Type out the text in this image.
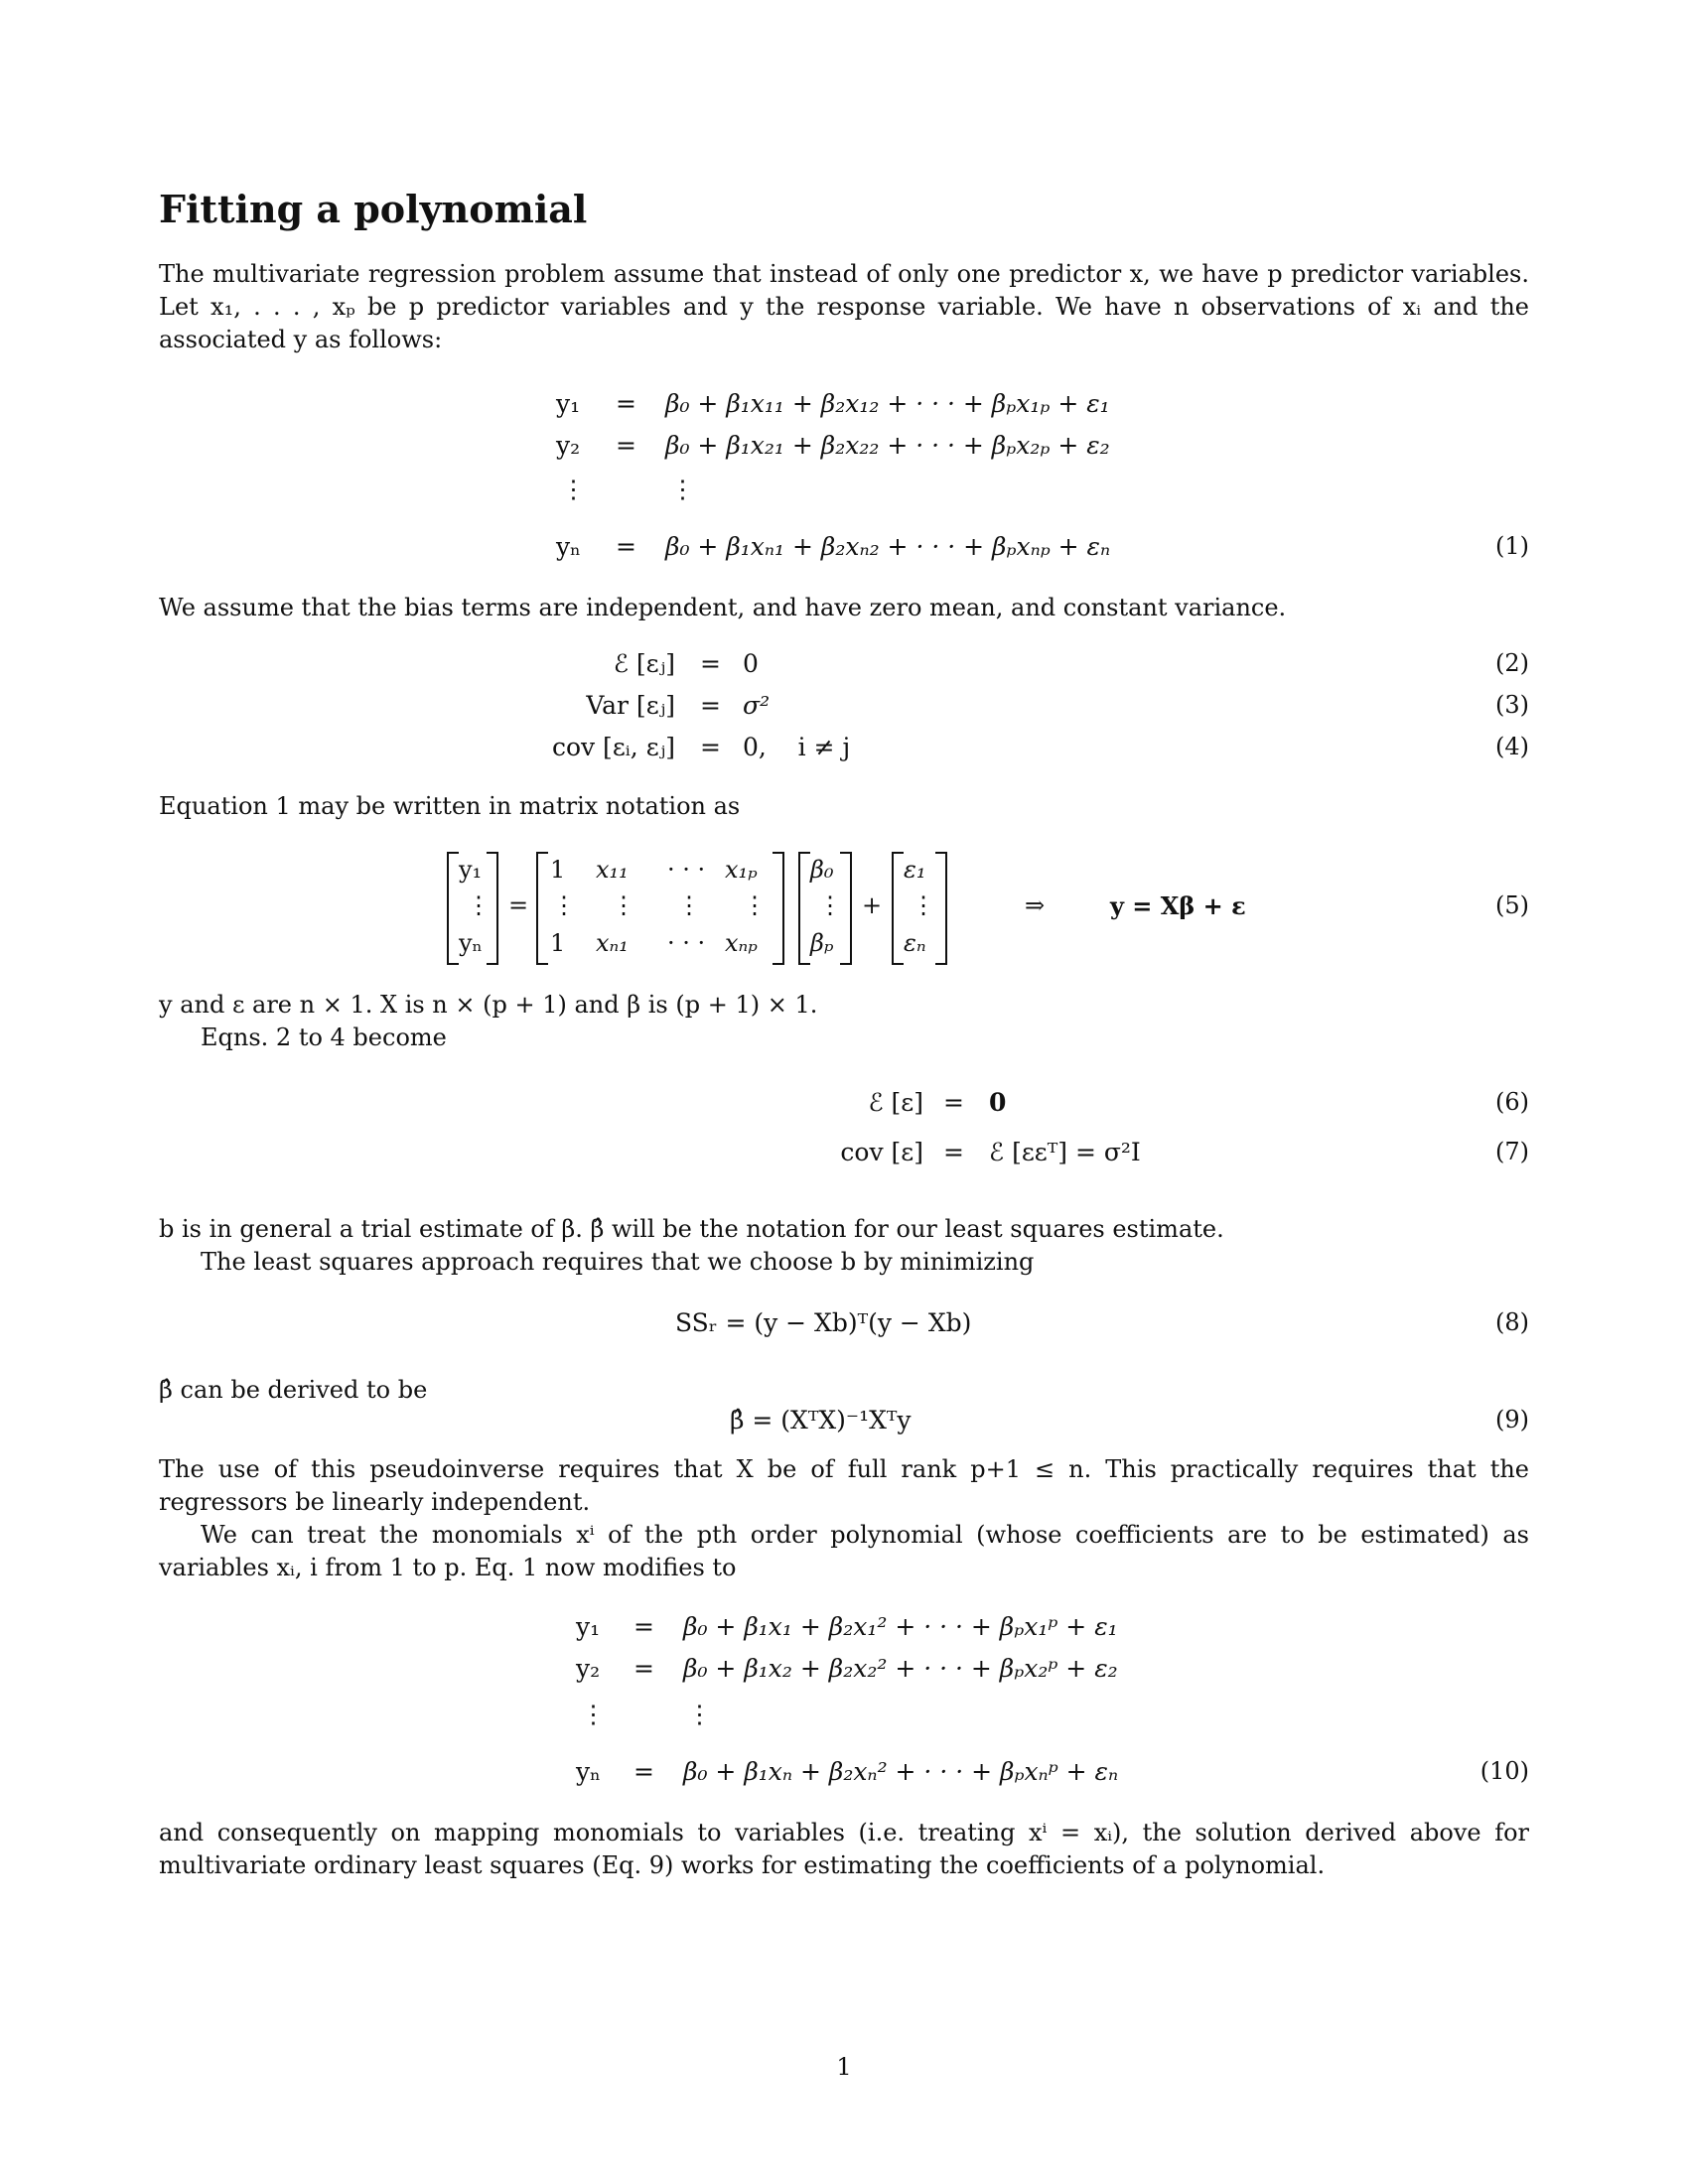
Fitting a polynomial

The multivariate regression problem assume that instead of only one predictor x, we have p predictor variables. Let x₁, . . . , xₚ be p predictor variables and y the response variable. We have n observations of xᵢ and the associated y as follows:

y₁ = β₀ + β₁x₁₁ + β₂x₁₂ + · · · + βₚx₁ₚ + ε₁
y₂ = β₀ + β₁x₂₁ + β₂x₂₂ + · · · + βₚx₂ₚ + ε₂
⋮	⋮
yₙ = β₀ + β₁xₙ₁ + β₂xₙ₂ + · · · + βₚxₙₚ + εₙ	(1)

We assume that the bias terms are independent, and have zero mean, and constant variance.

ℰ [εⱼ] = 0	(2)
Var [εⱼ] = σ²	(3)
cov [εᵢ, εⱼ] = 0,    i ≠ j	(4)

Equation 1 may be written in matrix notation as

y₁
⋮
yₙ
=
1 x₁₁ · · · x₁ₚ
⋮ ⋮ ⋮ ⋮
1 xₙ₁ · · · xₙₚ
β₀
⋮
βₚ
+
ε₁
⋮
εₙ
⇒	y = Xβ + ε	(5)

y and ε are n × 1. X is n × (p + 1) and β is (p + 1) × 1.

Eqns. 2 to 4 become

ℰ [ε] = 0	(6)
cov [ε] = ℰ [εεᵀ] = σ²I	(7)

b is in general a trial estimate of β. β̂ will be the notation for our least squares estimate.

The least squares approach requires that we choose b by minimizing

SSᵣ = (y − Xb)ᵀ(y − Xb)	(8)

β̂ can be derived to be

β̂ = (XᵀX)⁻¹Xᵀy	(9)

The use of this pseudoinverse requires that X be of full rank p+1 ≤ n. This practically requires that the regressors be linearly independent.

We can treat the monomials xⁱ of the pth order polynomial (whose coefficients are to be estimated) as variables xᵢ, i from 1 to p. Eq. 1 now modifies to

y₁ = β₀ + β₁x₁ + β₂x₁² + · · · + βₚx₁ᵖ + ε₁
y₂ = β₀ + β₁x₂ + β₂x₂² + · · · + βₚx₂ᵖ + ε₂
⋮	⋮
yₙ = β₀ + β₁xₙ + β₂xₙ² + · · · + βₚxₙᵖ + εₙ	(10)

and consequently on mapping monomials to variables (i.e. treating xⁱ = xᵢ), the solution derived above for multivariate ordinary least squares (Eq. 9) works for estimating the coefficients of a polynomial.

1
